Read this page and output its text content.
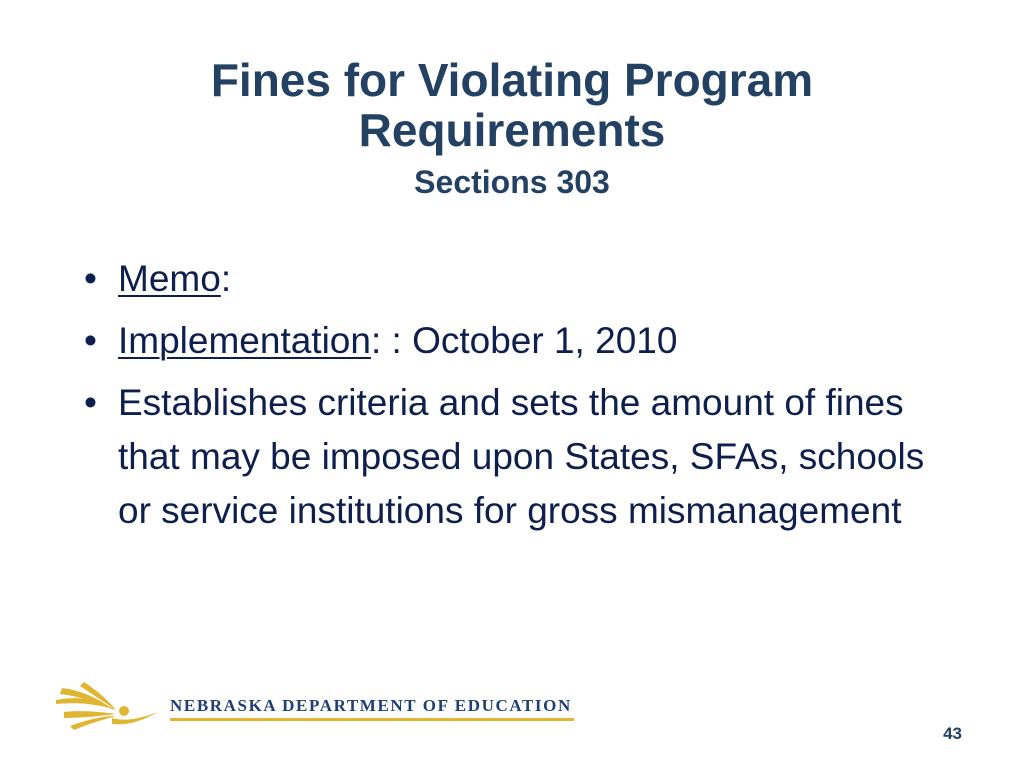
Fines for Violating Program Requirements
Sections 303
• Memo:
• Implementation: : October 1, 2010
• Establishes criteria and sets the amount of fines that may be imposed upon States, SFAs, schools or service institutions for gross mismanagement
NEBRASKA DEPARTMENT OF EDUCATION
43
